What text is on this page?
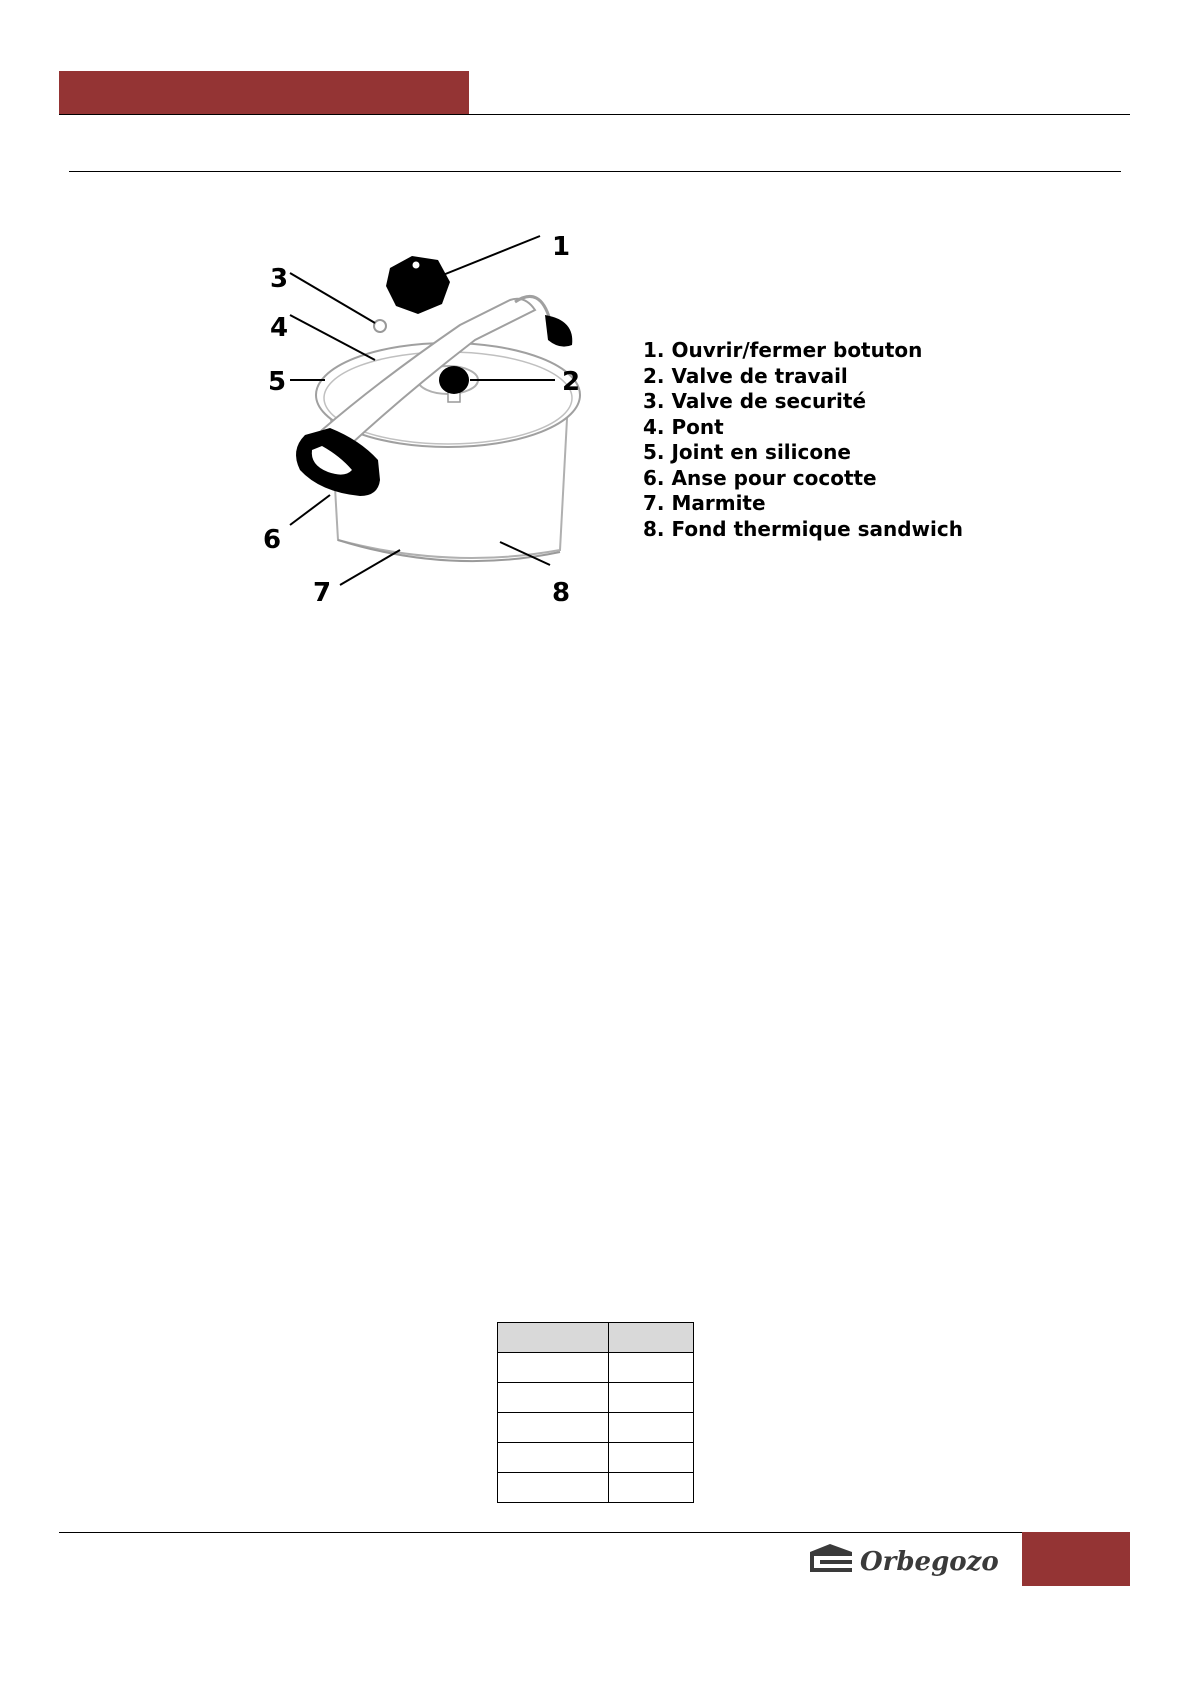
1
2
3
4
5
6
7	8
1. Ouvrir/fermer botuton
2. Valve de travail
3. Valve de securité
4. Pont
5. Joint en silicone
6. Anse pour cocotte
7. Marmite
8. Fond thermique sandwich

Orbegozo
